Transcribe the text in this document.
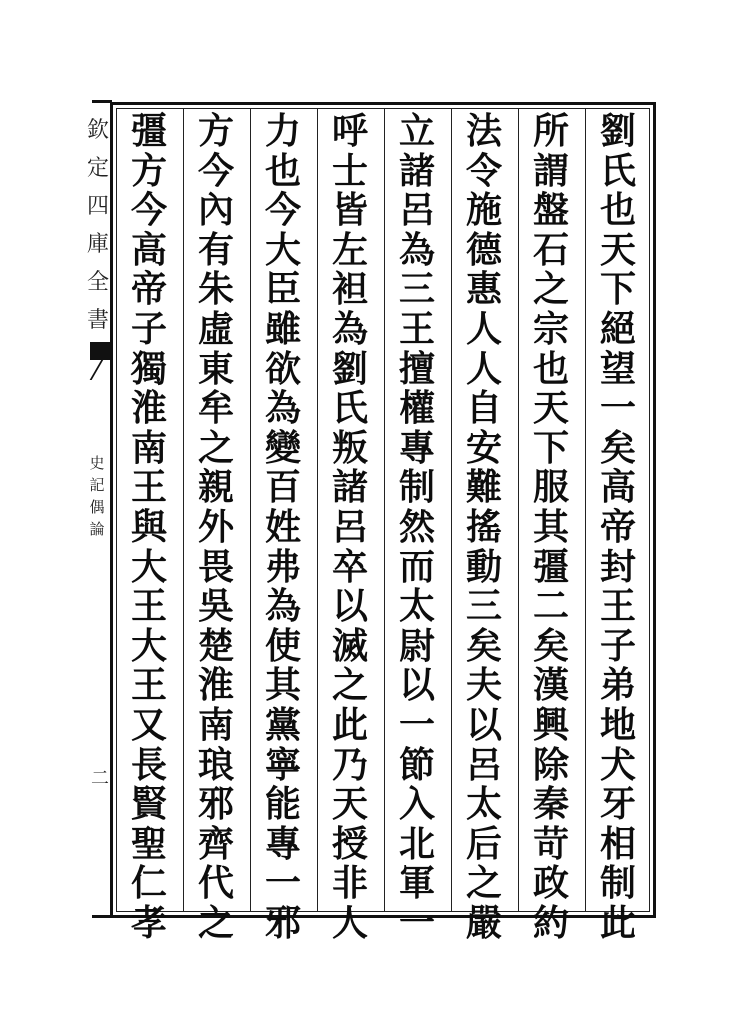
欽
定
四
庫
全
書
史
記
偶
論
二
劉
氏
也
天
下
絕
望
一
矣
高
帝
封
王
子
弟
地
犬
牙
相
制
此
所
謂
盤
石
之
宗
也
天
下
服
其
彊
二
矣
漢
興
除
秦
苛
政
約
法
令
施
德
惠
人
人
自
安
難
搖
動
三
矣
夫
以
呂
太
后
之
嚴
立
諸
呂
為
三
王
擅
權
專
制
然
而
太
尉
以
一
節
入
北
軍
一
呼
士
皆
左
袒
為
劉
氏
叛
諸
呂
卒
以
滅
之
此
乃
天
授
非
人
力
也
今
大
臣
雖
欲
為
變
百
姓
弗
為
使
其
黨
寧
能
專
一
邪
方
今
內
有
朱
虛
東
牟
之
親
外
畏
吳
楚
淮
南
琅
邪
齊
代
之
彊
方
今
高
帝
子
獨
淮
南
王
與
大
王
大
王
又
長
賢
聖
仁
孝
